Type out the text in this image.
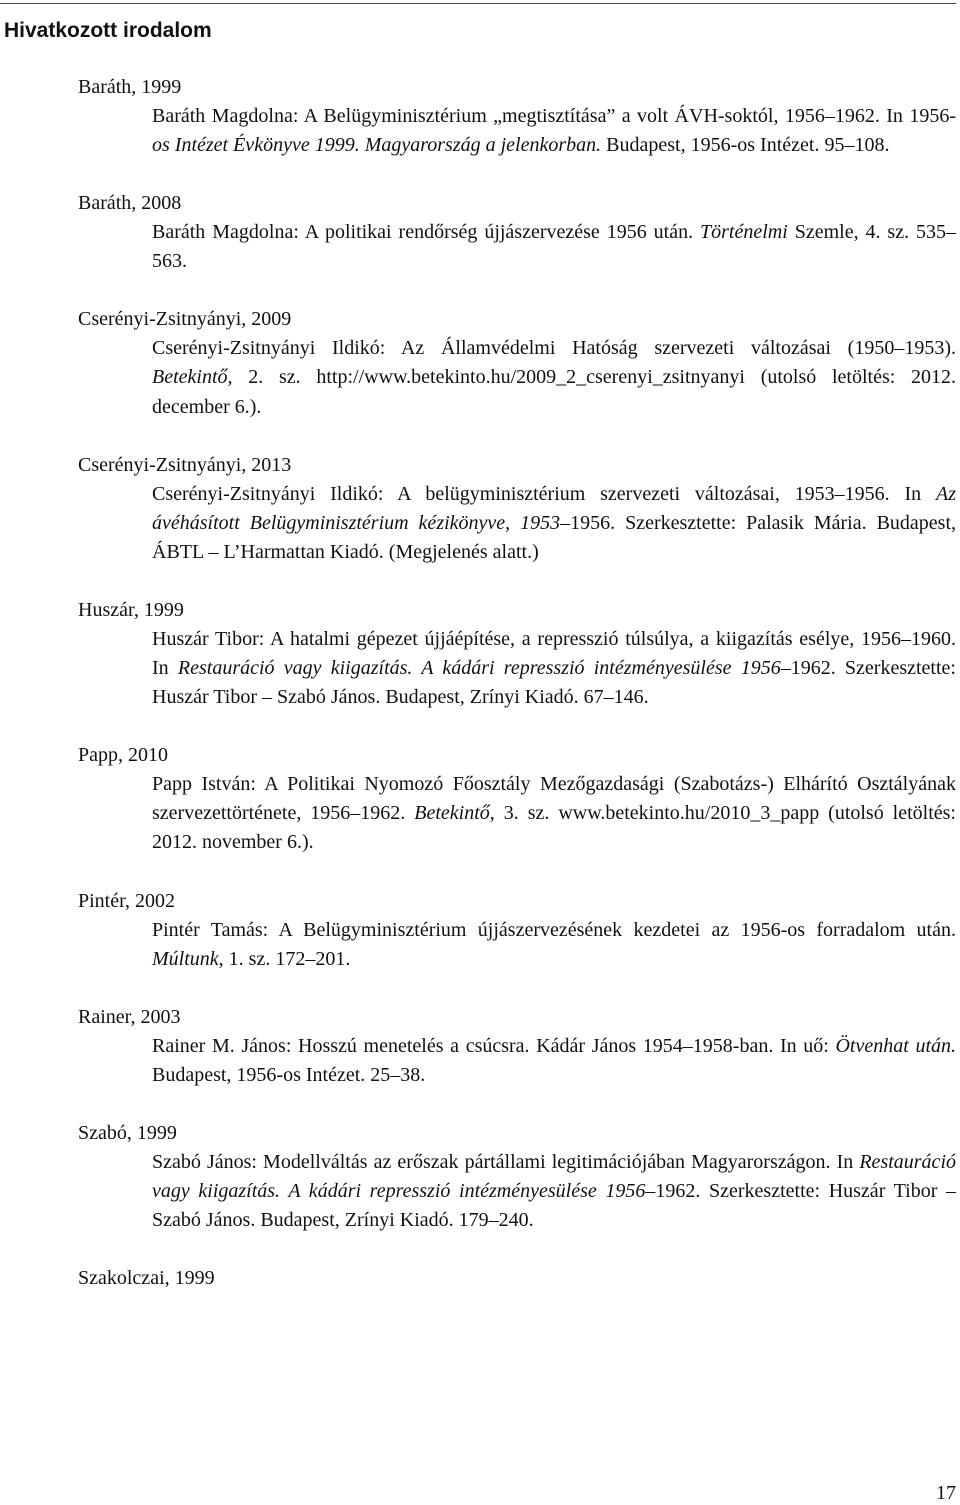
Hivatkozott irodalom

Baráth, 1999

Baráth Magdolna: A Belügyminisztérium „megtisztítása” a volt ÁVH-soktól, 1956–1962. In 1956-os Intézet Évkönyve 1999. Magyarország a jelenkorban. Budapest, 1956-os Intézet. 95–108.

Baráth, 2008

Baráth Magdolna: A politikai rendőrség újjászervezése 1956 után. Történelmi Szemle, 4. sz. 535–563.

Cserényi-Zsitnyányi, 2009

Cserényi-Zsitnyányi Ildikó: Az Államvédelmi Hatóság szervezeti változásai (1950–1953). Betekintő, 2. sz. http://www.betekinto.hu/2009_2_cserenyi_zsitnyanyi (utolsó letöltés: 2012. december 6.).

Cserényi-Zsitnyányi, 2013

Cserényi-Zsitnyányi Ildikó: A belügyminisztérium szervezeti változásai, 1953–1956. In Az ávéhásított Belügyminisztérium kézikönyve, 1953–1956. Szerkesztette: Palasik Mária. Budapest, ÁBTL – L’Harmattan Kiadó. (Megjelenés alatt.)

Huszár, 1999

Huszár Tibor: A hatalmi gépezet újjáépítése, a represszió túlsúlya, a kiigazítás esélye, 1956–1960. In Restauráció vagy kiigazítás. A kádári represszió intézményesülése 1956–1962. Szerkesztette: Huszár Tibor – Szabó János. Budapest, Zrínyi Kiadó. 67–146.

Papp, 2010

Papp István: A Politikai Nyomozó Főosztály Mezőgazdasági (Szabotázs-) Elhárító Osztályának szervezettörténete, 1956–1962. Betekintő, 3. sz. www.betekinto.hu/2010_3_papp (utolsó letöltés: 2012. november 6.).

Pintér, 2002

Pintér Tamás: A Belügyminisztérium újjászervezésének kezdetei az 1956-os forradalom után. Múltunk, 1. sz. 172–201.

Rainer, 2003

Rainer M. János: Hosszú menetelés a csúcsra. Kádár János 1954–1958-ban. In uő: Ötvenhat után. Budapest, 1956-os Intézet. 25–38.

Szabó, 1999

Szabó János: Modellváltás az erőszak pártállami legitimációjában Magyarországon. In Restauráció vagy kiigazítás. A kádári represszió intézményesülése 1956–1962. Szerkesztette: Huszár Tibor – Szabó János. Budapest, Zrínyi Kiadó. 179–240.

Szakolczai, 1999

17
